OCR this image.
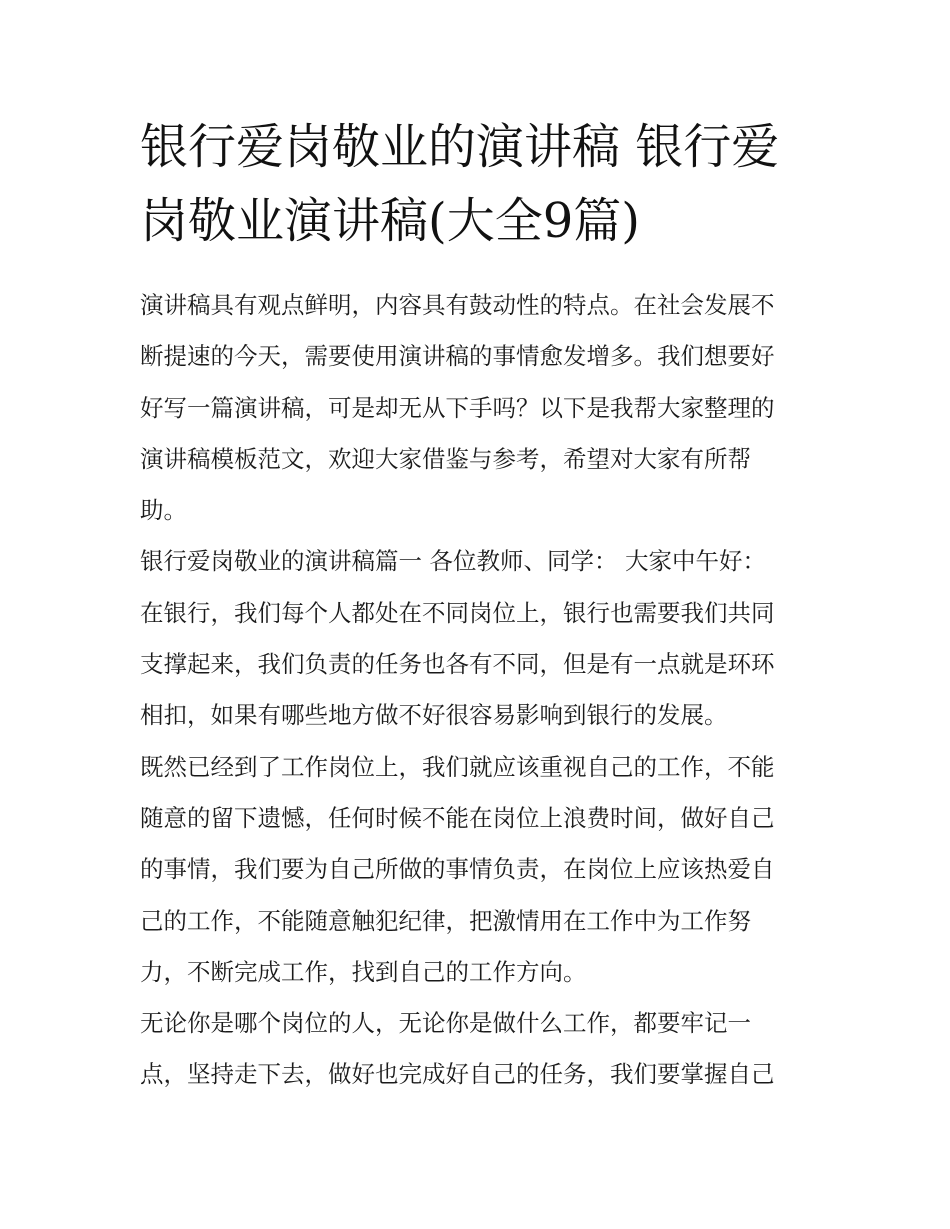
银行爱岗敬业的演讲稿 银行爱岗敬业演讲稿(大全9篇)

演讲稿具有观点鲜明，内容具有鼓动性的特点。在社会发展不
断提速的今天，需要使用演讲稿的事情愈发增多。我们想要好
好写一篇演讲稿，可是却无从下手吗？以下是我帮大家整理的
演讲稿模板范文，欢迎大家借鉴与参考，希望对大家有所帮
助。

银行爱岗敬业的演讲稿篇一 各位教师、同学： 大家中午好：
在银行，我们每个人都处在不同岗位上，银行也需要我们共同
支撑起来，我们负责的任务也各有不同，但是有一点就是环环
相扣，如果有哪些地方做不好很容易影响到银行的发展。

既然已经到了工作岗位上，我们就应该重视自己的工作，不能
随意的留下遗憾，任何时候不能在岗位上浪费时间，做好自己
的事情，我们要为自己所做的事情负责，在岗位上应该热爱自
己的工作，不能随意触犯纪律，把激情用在工作中为工作努
力，不断完成工作，找到自己的工作方向。

无论你是哪个岗位的人，无论你是做什么工作，都要牢记一
点，坚持走下去，做好也完成好自己的任务，我们要掌握自己
